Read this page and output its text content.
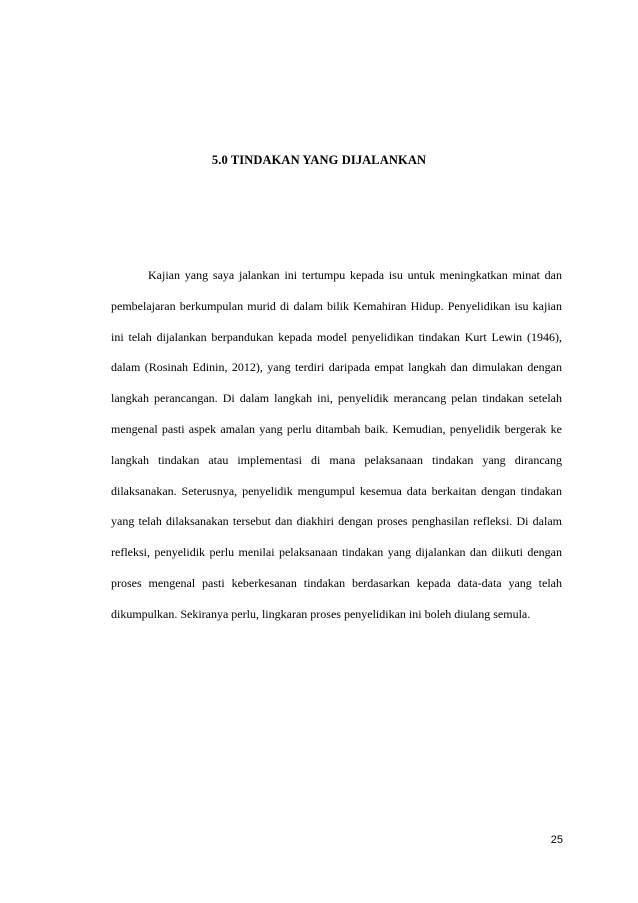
5.0 TINDAKAN YANG DIJALANKAN

Kajian yang saya jalankan ini tertumpu kepada isu untuk meningkatkan minat dan pembelajaran berkumpulan murid di dalam bilik Kemahiran Hidup. Penyelidikan isu kajian ini telah dijalankan berpandukan kepada model penyelidikan tindakan Kurt Lewin (1946), dalam (Rosinah Edinin, 2012), yang terdiri daripada empat langkah dan dimulakan dengan langkah perancangan. Di dalam langkah ini, penyelidik merancang pelan tindakan setelah mengenal pasti aspek amalan yang perlu ditambah baik. Kemudian, penyelidik bergerak ke langkah tindakan atau implementasi di mana pelaksanaan tindakan yang dirancang dilaksanakan. Seterusnya, penyelidik mengumpul kesemua data berkaitan dengan tindakan yang telah dilaksanakan tersebut dan diakhiri dengan proses penghasilan refleksi. Di dalam refleksi, penyelidik perlu menilai pelaksanaan tindakan yang dijalankan dan diikuti dengan proses mengenal pasti keberkesanan tindakan berdasarkan kepada data-data yang telah dikumpulkan. Sekiranya perlu, lingkaran proses penyelidikan ini boleh diulang semula.

25
